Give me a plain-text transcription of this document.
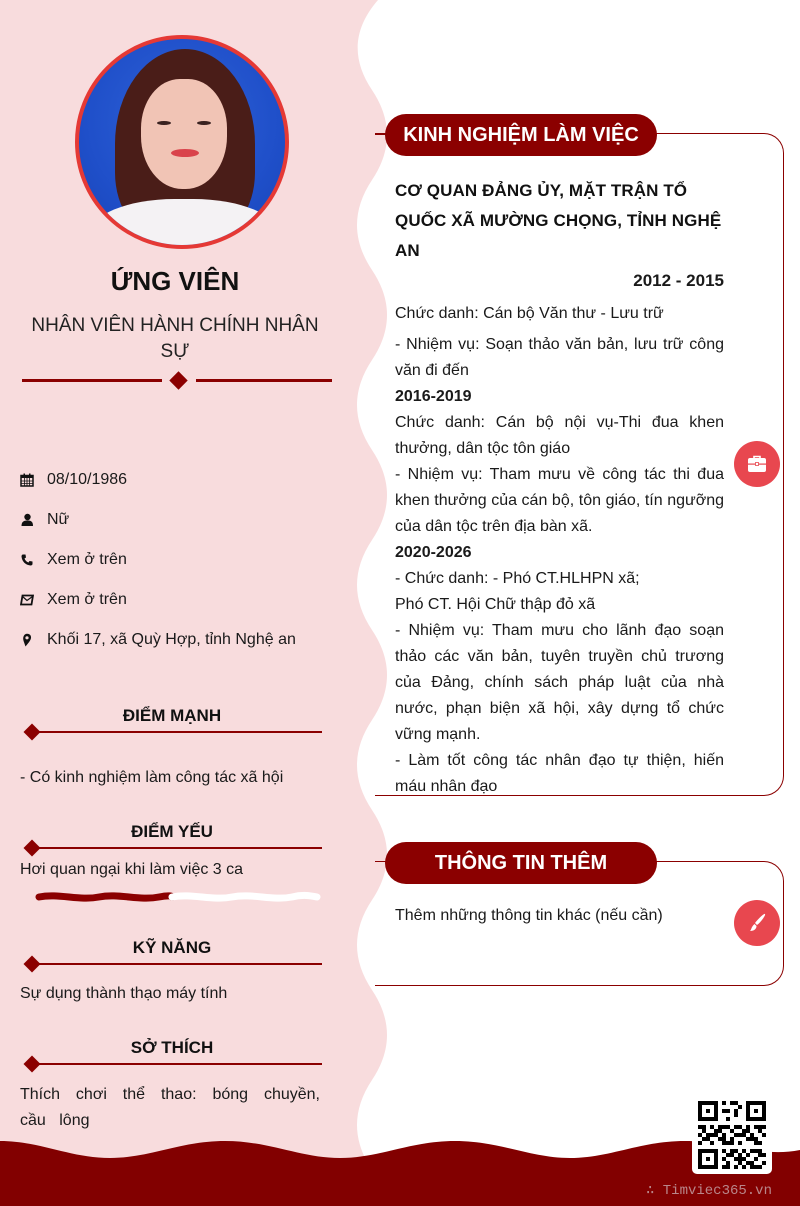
ỨNG VIÊN
NHÂN VIÊN HÀNH CHÍNH NHÂN SỰ
08/10/1986
Nữ
Xem ở trên
Xem ở trên
Khối 17, xã Quỳ Hợp, tỉnh Nghệ an
ĐIỂM MẠNH
- Có kinh nghiệm làm công tác xã hội
ĐIỂM YẾU
Hơi quan ngại khi làm việc 3 ca
KỸ NĂNG
Sự dụng thành thạo máy tính
SỞ THÍCH
Thích chơi thể thao: bóng chuyền, cầu lông
KINH NGHIỆM LÀM VIỆC
CƠ QUAN ĐẢNG ỦY, MẶT TRẬN TỔ QUỐC XÃ MƯỜNG CHỌNG, TỈNH NGHỆ AN
2012 - 2015

Chức danh: Cán bộ Văn thư - Lưu trữ

- Nhiệm vụ: Soạn thảo văn bản, lưu trữ công văn đi đến

2016-2019

Chức danh: Cán bộ nội vụ-Thi đua khen thưởng, dân tộc tôn giáo

- Nhiệm vụ: Tham mưu về công tác thi đua khen thưởng của cán bộ, tôn giáo, tín ngưỡng của dân tộc trên địa bàn xã.

2020-2026

- Chức danh: - Phó CT.HLHPN xã;

Phó CT. Hội Chữ thập đỏ xã

- Nhiệm vụ: Tham mưu cho lãnh đạo soạn thảo các văn bản, tuyên truyền chủ trương của Đảng, chính sách pháp luật của nhà nước, phạn biện xã hội, xây dựng tổ chức vững mạnh.

- Làm tốt công tác nhân đạo tự thiện, hiến máu nhân đạo

THÔNG TIN THÊM
Thêm những thông tin khác (nếu cần)
∴ Timviec365.vn
